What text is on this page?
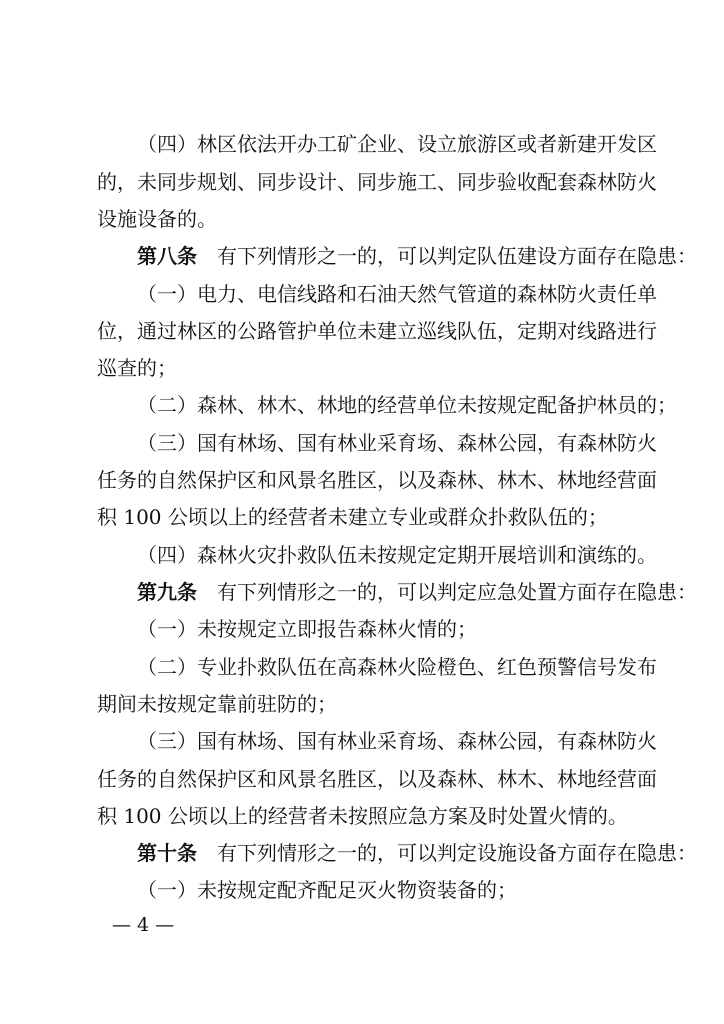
（四）林区依法开办工矿企业、设立旅游区或者新建开发区
的，未同步规划、同步设计、同步施工、同步验收配套森林防火
设施设备的。
第八条 有下列情形之一的，可以判定队伍建设方面存在隐患：
（一）电力、电信线路和石油天然气管道的森林防火责任单
位，通过林区的公路管护单位未建立巡线队伍，定期对线路进行
巡查的；
（二）森林、林木、林地的经营单位未按规定配备护林员的；
（三）国有林场、国有林业采育场、森林公园，有森林防火
任务的自然保护区和风景名胜区，以及森林、林木、林地经营面
积 100 公顷以上的经营者未建立专业或群众扑救队伍的；
（四）森林火灾扑救队伍未按规定定期开展培训和演练的。
第九条 有下列情形之一的，可以判定应急处置方面存在隐患：
（一）未按规定立即报告森林火情的；
（二）专业扑救队伍在高森林火险橙色、红色预警信号发布
期间未按规定靠前驻防的；
（三）国有林场、国有林业采育场、森林公园，有森林防火
任务的自然保护区和风景名胜区，以及森林、林木、林地经营面
积 100 公顷以上的经营者未按照应急方案及时处置火情的。
第十条 有下列情形之一的，可以判定设施设备方面存在隐患：
（一）未按规定配齐配足灭火物资装备的；
— 4 —
